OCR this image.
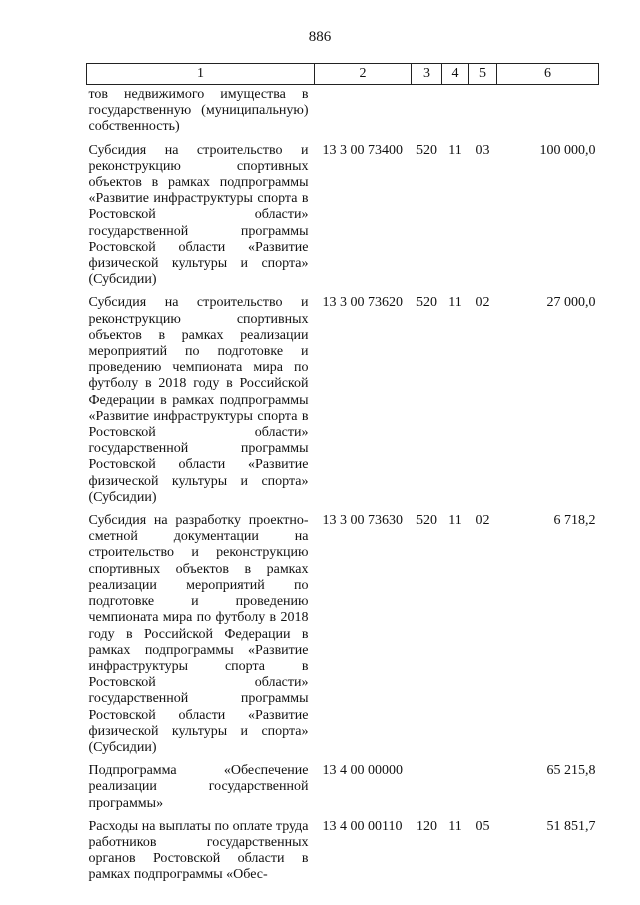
886
1	2	3	4	5	6
тов недвижимого имущества в государственную (муниципальную) собственность)					
Субсидия на строительство и реконструкцию спортивных объектов в рамках подпрограммы «Развитие инфраструктуры спорта в Ростовской области» государственной программы Ростовской области «Развитие физической культуры и спорта» (Субсидии)	13 3 00 73400	520	11	03	100 000,0
Субсидия на строительство и реконструкцию спортивных объектов в рамках реализации мероприятий по подготовке и проведению чемпионата мира по футболу в 2018 году в Российской Федерации в рамках подпрограммы «Развитие инфраструктуры спорта в Ростовской области» государственной программы Ростовской области «Развитие физической культуры и спорта» (Субсидии)	13 3 00 73620	520	11	02	27 000,0
Субсидия на разработку проектно-сметной документации на строительство и реконструкцию спортивных объектов в рамках реализации мероприятий по подготовке и проведению чемпионата мира по футболу в 2018 году в Российской Федерации в рамках подпрограммы «Развитие инфраструктуры спорта в Ростовской области» государственной программы Ростовской области «Развитие физической культуры и спорта» (Субсидии)	13 3 00 73630	520	11	02	6 718,2
Подпрограмма «Обеспечение реализации государственной программы»	13 4 00 00000				65 215,8
Расходы на выплаты по оплате труда работников государственных органов Ростовской области в рамках подпрограммы «Обес-	13 4 00 00110	120	11	05	51 851,7
